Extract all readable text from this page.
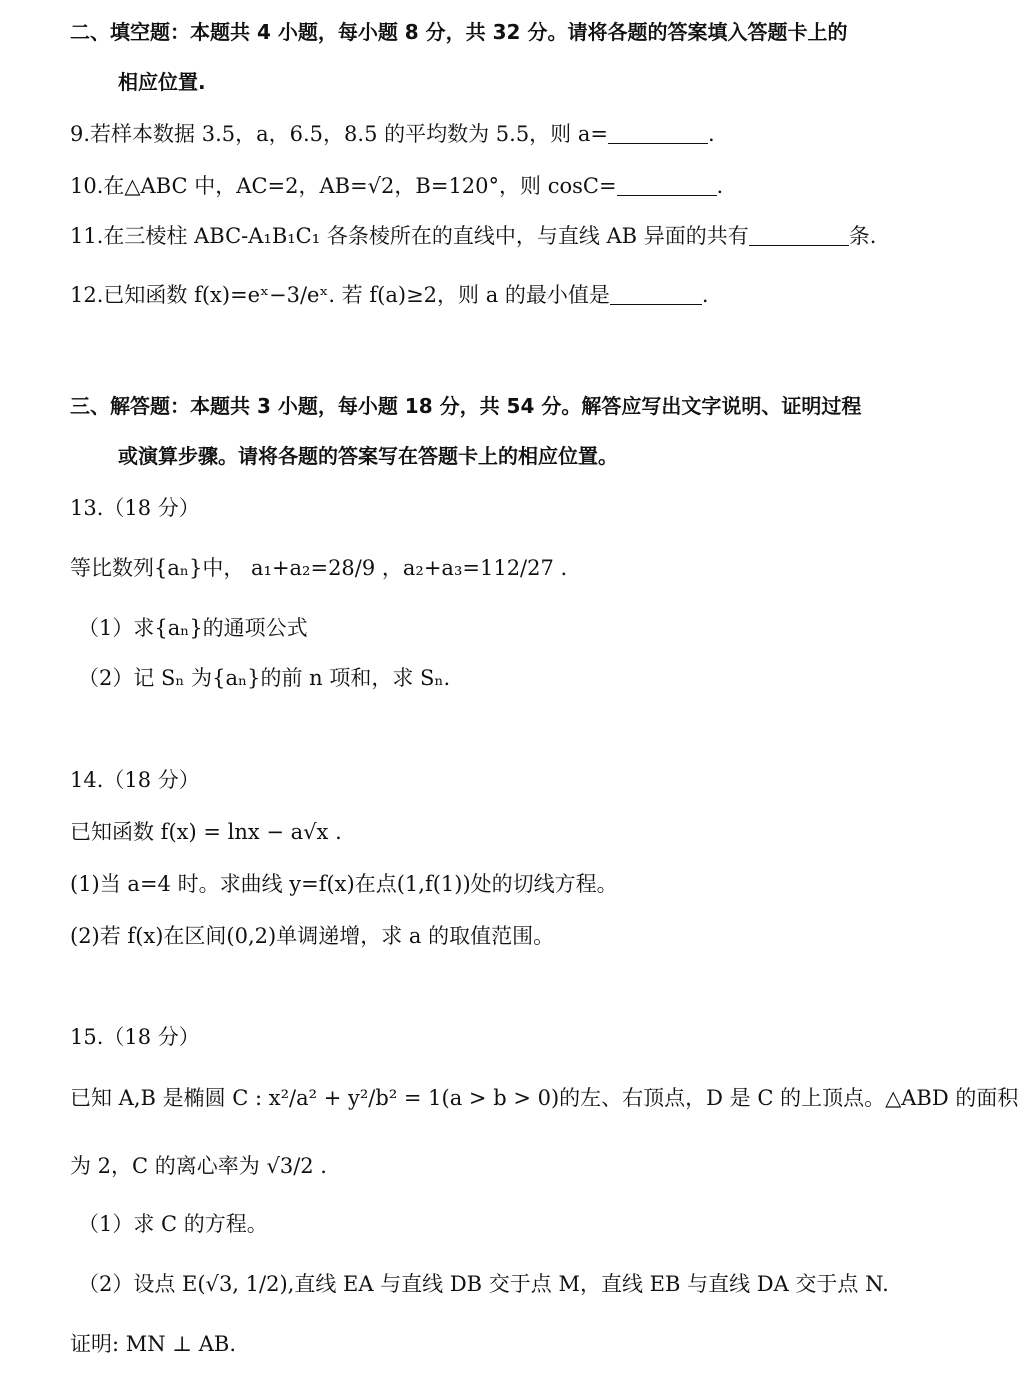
二、填空题：本题共 4 小题，每小题 8 分，共 32 分。请将各题的答案填入答题卡上的
相应位置.
9.若样本数据 3.5，a，6.5，8.5 的平均数为 5.5，则 a=	.
10.在△ABC 中，AC=2，AB=√2，B=120°，则 cosC=	.
11.在三棱柱 ABC-A₁B₁C₁ 各条棱所在的直线中，与直线 AB 异面的共有	条.
12.已知函数 f(x)=eˣ−3/eˣ. 若 f(a)≥2，则 a 的最小值是	.
三、解答题：本题共 3 小题，每小题 18 分，共 54 分。解答应写出文字说明、证明过程
或演算步骤。请将各题的答案写在答题卡上的相应位置。
13.（18 分）
等比数列{aₙ}中， a₁+a₂=28/9 ，a₂+a₃=112/27 .
（1）求{aₙ}的通项公式
（2）记 Sₙ 为{aₙ}的前 n 项和，求 Sₙ.
14.（18 分）
已知函数 f(x) = lnx − a√x .
(1)当 a=4 时。求曲线 y=f(x)在点(1,f(1))处的切线方程。
(2)若 f(x)在区间(0,2)单调递增，求 a 的取值范围。
15.（18 分）
已知 A,B 是椭圆 C : x²/a² + y²/b² = 1(a > b > 0)的左、右顶点，D 是 C 的上顶点。△ABD 的面积
为 2，C 的离心率为 √3/2 .
（1）求 C 的方程。
（2）设点 E(√3, 1/2),直线 EA 与直线 DB 交于点 M，直线 EB 与直线 DA 交于点 N.
证明: MN ⊥ AB.
